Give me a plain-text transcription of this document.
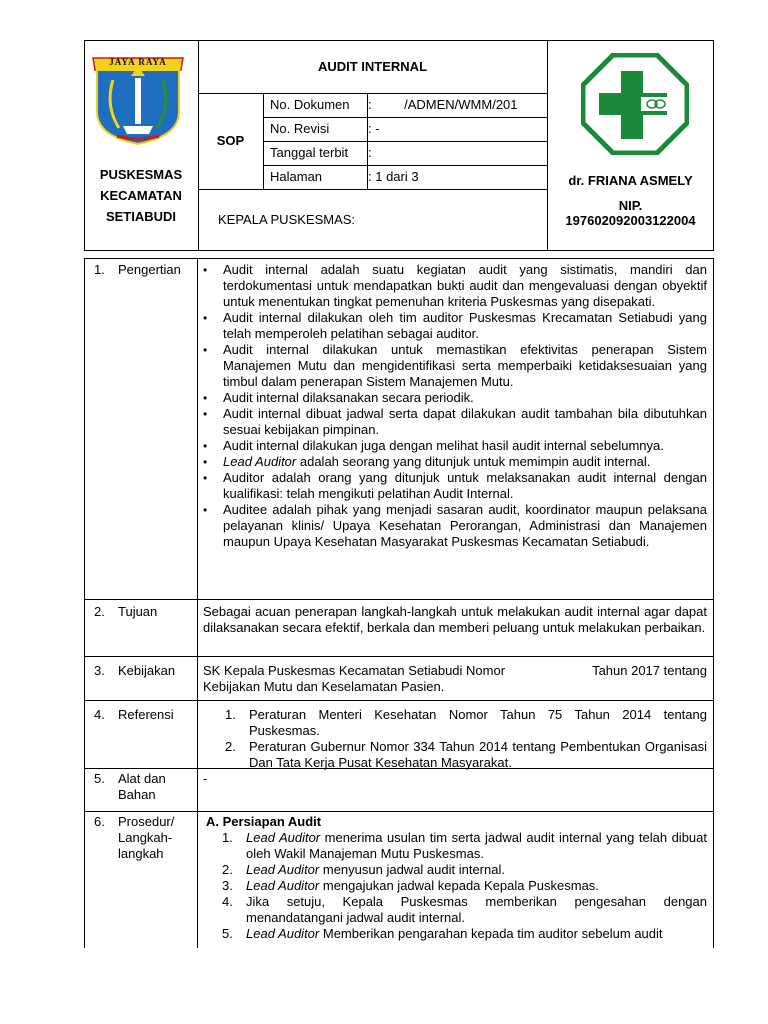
JAYA RAYA
PUSKESMAS
KECAMATAN
SETIABUDI
AUDIT INTERNAL
SOP
No. Dokumen :         /ADMEN/WMM/201
No. Revisi	: -
Tanggal terbit :
Halaman	: 1 dari 3
KEPALA PUSKESMAS:
dr. FRIANA ASMELY
NIP.
197602092003122004
1. Pengertian
•	Audit internal adalah suatu kegiatan audit yang sistimatis, mandiri dan terdokumentasi untuk mendapatkan bukti audit dan mengevaluasi dengan obyektif untuk menentukan tingkat pemenuhan kriteria Puskesmas yang disepakati.
• Audit internal dilakukan oleh tim auditor Puskesmas Krecamatan Setiabudi yang telah memperoleh pelatihan sebagai auditor.
• Audit internal dilakukan untuk memastikan efektivitas penerapan Sistem Manajemen Mutu dan mengidentifikasi serta memperbaiki ketidaksesuaian yang timbul dalam penerapan Sistem Manajemen Mutu.
• Audit internal dilaksanakan secara periodik.
• Audit internal dibuat jadwal serta dapat dilakukan audit tambahan bila dibutuhkan sesuai kebijakan pimpinan.
• Audit internal dilakukan juga dengan melihat hasil audit internal sebelumnya.
• Lead Auditor adalah seorang yang ditunjuk untuk memimpin audit internal.
• Auditor adalah orang yang ditunjuk untuk melaksanakan audit internal dengan kualifikasi: telah mengikuti pelatihan Audit Internal.
• Auditee adalah pihak yang menjadi sasaran audit, koordinator maupun pelaksana pelayanan klinis/ Upaya Kesehatan Perorangan, Administrasi dan Manajemen maupun Upaya Kesehatan Masyarakat Puskesmas Kecamatan Setiabudi.
2. Tujuan	Sebagai acuan penerapan langkah-langkah untuk melakukan audit internal agar dapat dilaksanakan secara efektif, berkala dan memberi peluang untuk melakukan perbaikan.
3. Kebijakan SK Kepala Puskesmas Kecamatan Setiabudi Nomor	Tahun 2017 tentang
Kebijakan Mutu dan Keselamatan Pasien.
4. Referensi	1. Peraturan Menteri Kesehatan Nomor Tahun 75 Tahun 2014 tentang Puskesmas.
2. Peraturan Gubernur Nomor 334 Tahun 2014 tentang Pembentukan Organisasi Dan Tata Kerja Pusat Kesehatan Masyarakat.
5. Alat dan
Bahan
-
6. Prosedur/
Langkah-
langkah
A. Persiapan Audit
1. Lead Auditor menerima usulan tim serta jadwal audit internal yang telah dibuat oleh Wakil Manajeman Mutu Puskesmas.
2. Lead Auditor menyusun jadwal audit internal.
3. Lead Auditor mengajukan jadwal kepada Kepala Puskesmas.
4. Jika setuju, Kepala Puskesmas memberikan pengesahan dengan menandatangani jadwal audit internal.
5. Lead Auditor Memberikan pengarahan kepada tim auditor sebelum audit
